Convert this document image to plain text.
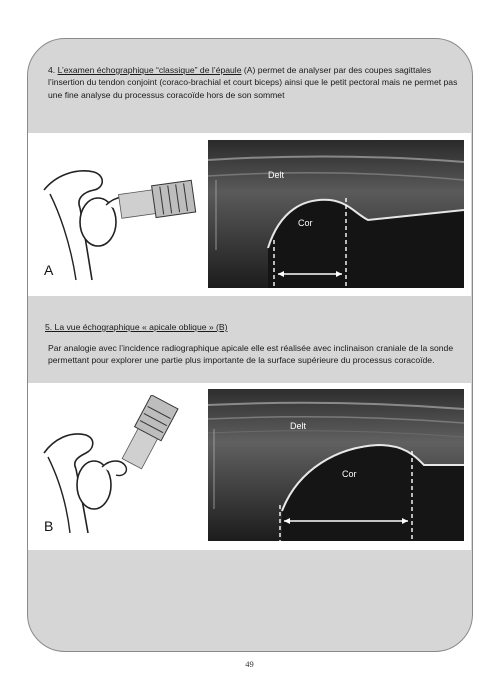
4. L’examen échographique “classique” de l’épaule (A) permet de analyser par des coupes sagittales l’insertion du tendon conjoint (coraco-brachial et court biceps) ainsi que le petit pectoral mais ne permet pas une fine analyse du processus coracoïde hors de son sommet

A
Delt
Cor
5. La vue échographique « apicale oblique » (B)

Par analogie avec l’incidence radiographique apicale elle est réalisée avec inclinaison craniale de la sonde permettant pour explorer une partie plus importante de la surface supérieure du processus coracoïde.

B
Delt
Cor
49
